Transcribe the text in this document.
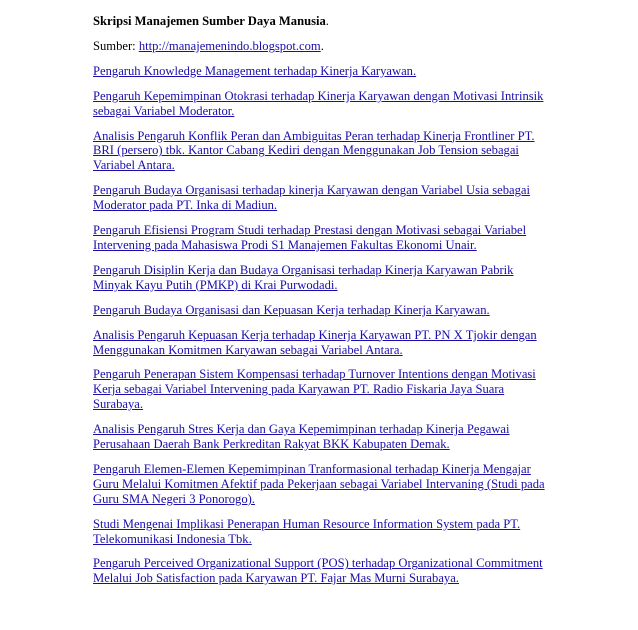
Skripsi Manajemen Sumber Daya Manusia.

Sumber: http://manajemenindo.blogspot.com.

Pengaruh Knowledge Management terhadap Kinerja Karyawan.

Pengaruh Kepemimpinan Otokrasi terhadap Kinerja Karyawan dengan Motivasi Intrinsik sebagai Variabel Moderator.

Analisis Pengaruh Konflik Peran dan Ambiguitas Peran terhadap Kinerja Frontliner PT. BRI (persero) tbk. Kantor Cabang Kediri dengan Menggunakan Job Tension sebagai Variabel Antara.

Pengaruh Budaya Organisasi terhadap kinerja Karyawan dengan Variabel Usia sebagai Moderator pada PT. Inka di Madiun.

Pengaruh Efisiensi Program Studi terhadap Prestasi dengan Motivasi sebagai Variabel Intervening pada Mahasiswa Prodi S1 Manajemen Fakultas Ekonomi Unair.

Pengaruh Disiplin Kerja dan Budaya Organisasi terhadap Kinerja Karyawan Pabrik Minyak Kayu Putih (PMKP) di Krai Purwodadi.

Pengaruh Budaya Organisasi dan Kepuasan Kerja terhadap Kinerja Karyawan.

Analisis Pengaruh Kepuasan Kerja terhadap Kinerja Karyawan PT. PN X Tjokir dengan Menggunakan Komitmen Karyawan sebagai Variabel Antara.

Pengaruh Penerapan Sistem Kompensasi terhadap Turnover Intentions dengan Motivasi Kerja sebagai Variabel Intervening pada Karyawan PT. Radio Fiskaria Jaya Suara Surabaya.

Analisis Pengaruh Stres Kerja dan Gaya Kepemimpinan terhadap Kinerja Pegawai Perusahaan Daerah Bank Perkreditan Rakyat BKK Kabupaten Demak.

Pengaruh Elemen-Elemen Kepemimpinan Tranformasional terhadap Kinerja Mengajar Guru Melalui Komitmen Afektif pada Pekerjaan sebagai Variabel Intervaning (Studi pada Guru SMA Negeri 3 Ponorogo).

Studi Mengenai Implikasi Penerapan Human Resource Information System pada PT. Telekomunikasi Indonesia Tbk.

Pengaruh Perceived Organizational Support (POS) terhadap Organizational Commitment Melalui Job Satisfaction pada Karyawan PT. Fajar Mas Murni Surabaya.
